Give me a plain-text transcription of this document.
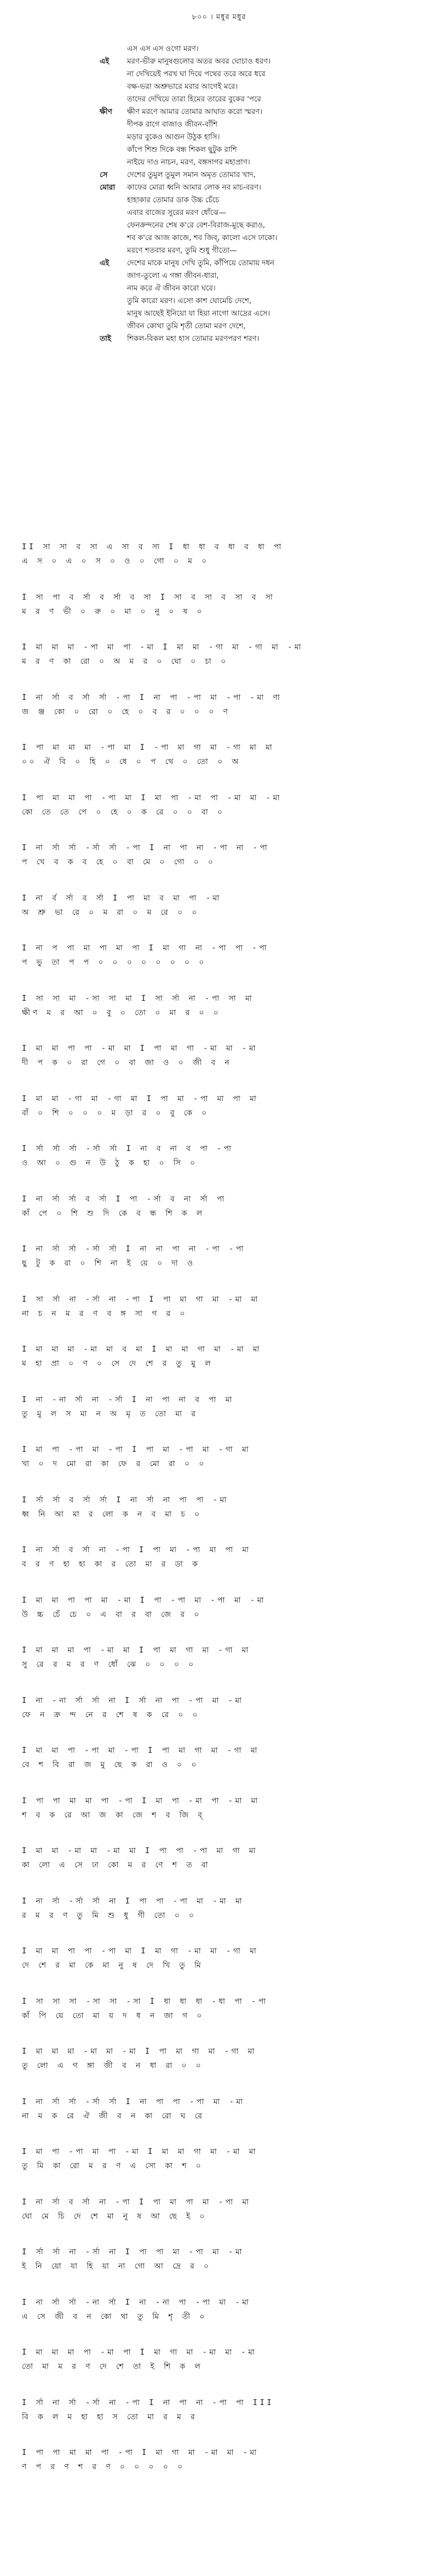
৮০০ । মধুর মধুর
এস এস এস ওগো মরণ।
এই	মরণ-ভীরু মানুষগুলোর অতর অবর ঘোচাও ধরণ।
না দেখিয়েই পরখ ঘা দিয়ে পথের তরে অরে ধরে
বক্ষ-ভরা অশ্রুভারে মরার আগেই মরে।
তাদের দেখিয়ে তারা হিমের তারের বুকের 'পরে
ক্ষীণ	ক্ষীণ মরণে আমার তোমার আঘাত করো স্মরণ।
দীপক রাগে বাজাও জীবন-বাঁশি
মড়ার বুকেও আগুন উঠুক হাসি।
কাঁপে শিশু দিকে বন্ধ শিকল ছুটুক রাশি
নাইয়ে দাও নাচন, মরণ, বঙ্গসাগর মহাপ্রাণ।
সে	দেশের তুমুল তুমুল সমান অমৃত তোমার খাদ,
মোরা	কাফের মোরা ধ্বনি আমার লোক নব মাচ-বরণ।
হাহাকার তোমার ডাক উচ্চ চেঁচে
এবার বাজের সুরের মরণ ধোঁঝে—
ফেনক্রন্দনের শেষ ক'রে বেশ-বিরাজ-মুছে করাও,
শব ক'রে আজ কাজে, শব জিব্, কালো এসে ঢাকো।
মরণে শতবার মরণ, তুমি শুধু গীতো—
এই	দেশের মাকে মানুষ দেখি তুমি, কাঁপিয়ে তোমায় দধন
জাগ-তুলো এ গঙ্গা জীবন-ধারা,
নাম করে ঐ জীবন কারো ঘরে।
তুমি কারো মরণ। এসো কাশ ঘোমেচি দেশে,
মানুষ আছেই ইনিয়ো যা হিয়া নাগো আদ্রের এসে।
জীবন কোথা তুমি শৃতী তোমা মরণ দেশে,
তাই	শিকল-বিকল মহা হাস তোমার মরণপরণ শরণ।
II সা সা ব সা এ সা ব সা I ধা ধা ব ধা ব ধা পা
এ স ০ এ ০ স ০ ও ০ গো ০ ম ০
I সা পা ব র্সা ব র্সা ব সা I সা ব সা ব সা ব সা
ম র ণ ভী ০ রু ০ মা ০ নু ০ ষ ০
I মা মা মা -পা মা পা -মা I মা মা -গা মা -গা মা -মা
ম র ণ কা রো ০ অ ম র ০ ঘো ০ চা ০
I না র্সা ব র্সা র্সা -পা I না পা -পা মা -পা -মা ণা
জ ঞ্জ কো ০ রো ০ হে ০ ব র ০ ০ ০ ণ
I পা মা মা মা -পা মা I -পা মা গা মা -গা মা মা
০০ ঐ বি ০ হি ০ ধে ০ প থে ০ তো ০ অ
I পা মা মা পা -পা মা I মা পা -মা পা -মা মা -মা
কো তে তে পে ০ হে ০ ক রে ০ ০ বা ০
I না র্সা র্সা -র্সা র্সা -পা I না পা না -পা না -পা
প খে ব ক ব হে ০ বা মে ০ গো ০ ০
I না র্ব র্সা ব র্সা I পা মা ব মা পা -মা
অ শ্রু ভা রে ০ ম রা ০ ম রে ০ ০
I না প পা মা পা মা পা I মা গা না -পা পা -পা
প ভু তা প প ০ ০ ০ ০ ০ ০ ০ ০
I সা সা মা -সা সা মা I সা র্সা না -পা সা মা
ক্ষীণ ম র আ ০ বু ০ তো ০ মা র ০ ০
I মা মা পা পা -মা মা I পা মা গা -মা মা -মা
দী প ক ০ রা গে ০ বা জা ও ০ জী ব ন
I মা মা -গা মা -গা মা I পা মা -পা মা পা মা
বাঁ ০ শি ০ ০ ০ ম ড়া র ০ বু কে ০
I র্সা র্সা র্সা -র্সা র্সা I না ব না ব পা -পা
ও আ ০ গু ন উ ঠু ক হা ০ সি ০
I না র্সা র্সা ব র্সা I পা -র্সা ব না র্সা পা
কাঁ পে ০ শি শু দি কে ব ন্ধ শি ক ল
I না র্সা র্সা -র্সা র্সা I না না পা না -পা -পা
ছু টু ক রা ০ শি না ই য়ে ০ দা ও
I সা র্সা না -র্সা না -পা I পা মা গা মা -মা মা
না চ ন ম র ণ ব ঙ্গ সা গ র ০
I মা মা মা -মা মা ব মা I মা মা গা মা -মা মা
ম হা প্রা ০ ণ ০ সে দে শে র তু মু ল
I না -না র্সা না -র্সা I না পা না ব পা মা
তু মু ল স মা ন অ মৃ ত তো মা র
I মা পা -পা মা -পা I পা মা -পা মা -গা মা
খা ০ দ মো রা কা ফে র মো রা ০ ০
I র্সা র্সা ব র্সা র্সা I না র্সা না পা পা -মা
ধ্ব নি আ মা র লো ক ন ব মা চ ০
I না র্সা ব র্সা না -পা I পা মা -পা মা পা মা
ব র ণ হা হা কা র তো মা র ডা ক
I মা মা পা পা মা -মা I পা -পা মা -পা মা -মা
উ চ্চ চেঁ চে ০ এ বা র বা জে র ০
I মা মা মা পা -মা মা I পা মা গা মা -গা মা
সু রে র ম র ণ ধোঁ ঝে ০ ০ ০ ০
I না -না র্সা র্সা না I র্সা না পা -পা মা -মা
ফে ন ক্র ন্দ নে র শে ষ ক রে ০ ০
I মা মা পা -পা মা -পা I পা মা গা মা -গা মা
বে শ বি রা জ মু ছে ক রা ও ০ ০
I পা পা মা মা পা -পা I মা পা -মা পা -মা মা
শ ব ক রে আ জ কা জে শ ব জি ব্
I মা মা -মা মা -মা মা I পা পা -পা মা গা মা
কা লো এ সে ঢা কো ম র ণে শ ত বা
I না র্সা -র্সা র্সা না I পা পা -পা মা -মা মা
র ম র ণ তু মি শু ধু গী তো ০ ০
I মা মা পা পা -পা মা I মা গা -মা মা -গা মা
দে শে র মা কে মা নু ষ দে খি তু মি
I সা সা সা -সা সা -সা I ধা ধা ধা -ধা পা -পা
কাঁ পি য়ে তো মা য় দ ধ ন জা গ ০
I মা মা মা -মা মা -মা I পা মা গা মা -গা মা
তু লো এ গ ঙ্গা জী ব ন ধা রা ০ ০
I না র্সা র্সা -র্সা র্সা I না পা পা -পা মা -মা
না ম ক রে ঐ জী ব ন কা রো ঘ রে
I মা পা -পা মা পা -মা I মা মা গা মা -মা মা
তু মি কা রো ম র ণ এ সো কা শ ০
I না র্সা ব র্সা না -পা I পা মা পা মা -পা মা
ঘো মে চি দে শে মা নু ষ আ ছে ই ০
I র্সা র্সা না -র্সা না I পা পা মা -পা মা -মা
ই নি য়ো যা হি য়া না গো আ দ্রে র ০
I না র্সা র্সা -না র্সা I না -না পা -পা মা -মা
এ সে জী ব ন কো থা তু মি শৃ তী ০
I মা মা মা পা -মা পা I মা গা মা -মা মা -মা
তো মা ম র ণ দে শে তা ই শি ক ল
I র্সা না র্সা -র্সা না -পা I না পা না -পা পা III
বি ক ল ম হা হা স তো মা র ম র
I পা পা মা মা পা -পা I মা গা মা -মা মা -মা
ণ প র ণ শ র ণ ০ ০ ০ ০ ০
